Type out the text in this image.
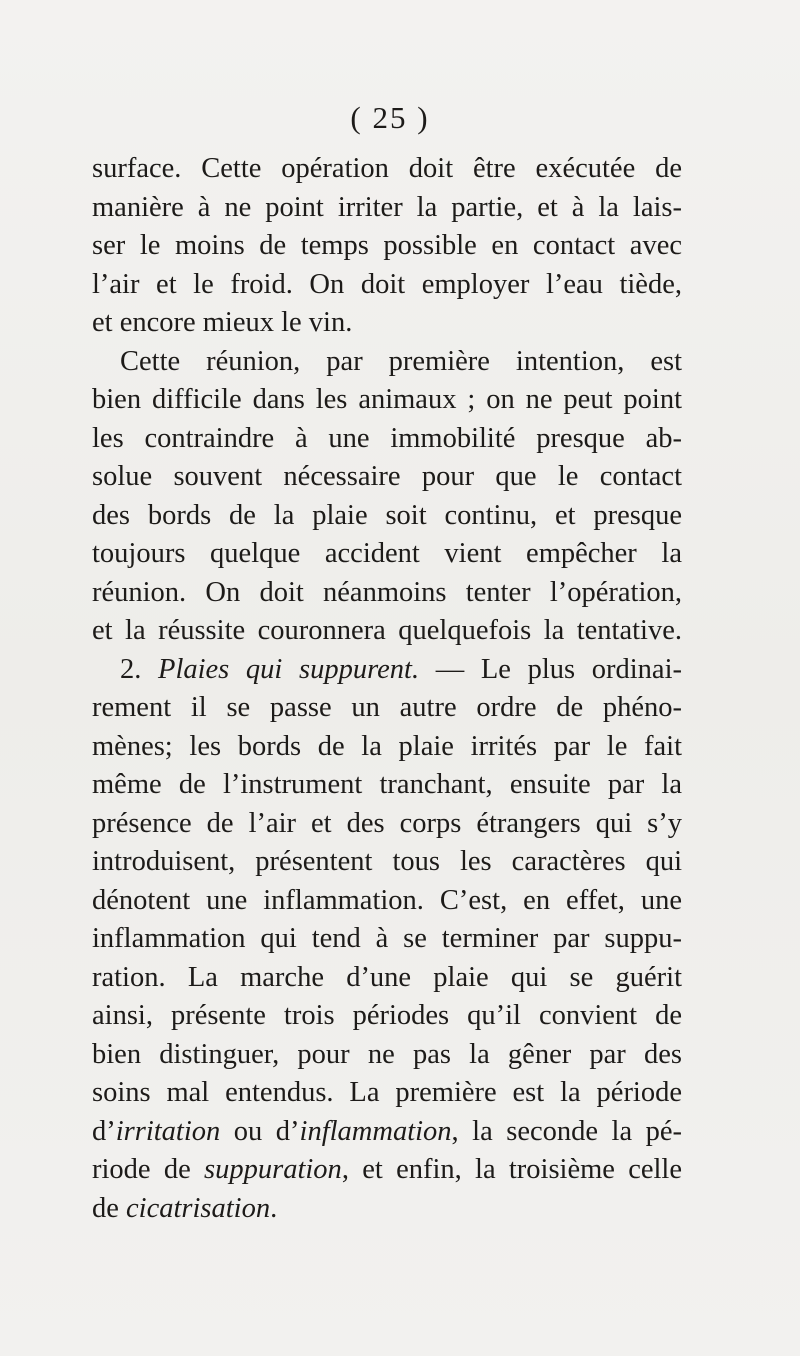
( 25 )
surface. Cette opération doit être exécutée de
manière à ne point irriter la partie, et à la lais-
ser le moins de temps possible en contact avec
l’air et le froid. On doit employer l’eau tiède,
et encore mieux le vin.
Cette réunion, par première intention, est
bien difficile dans les animaux ; on ne peut point
les contraindre à une immobilité presque ab-
solue souvent nécessaire pour que le contact
des bords de la plaie soit continu, et presque
toujours quelque accident vient empêcher la
réunion. On doit néanmoins tenter l’opération,
et la réussite couronnera quelquefois la tentative.
2. Plaies qui suppurent. — Le plus ordinai-
rement il se passe un autre ordre de phéno-
mènes; les bords de la plaie irrités par le fait
même de l’instrument tranchant, ensuite par la
présence de l’air et des corps étrangers qui s’y
introduisent, présentent tous les caractères qui
dénotent une inflammation. C’est, en effet, une
inflammation qui tend à se terminer par suppu-
ration. La marche d’une plaie qui se guérit
ainsi, présente trois périodes qu’il convient de
bien distinguer, pour ne pas la gêner par des
soins mal entendus. La première est la période
d’irritation ou d’inflammation, la seconde la pé-
riode de suppuration, et enfin, la troisième celle
de cicatrisation.
